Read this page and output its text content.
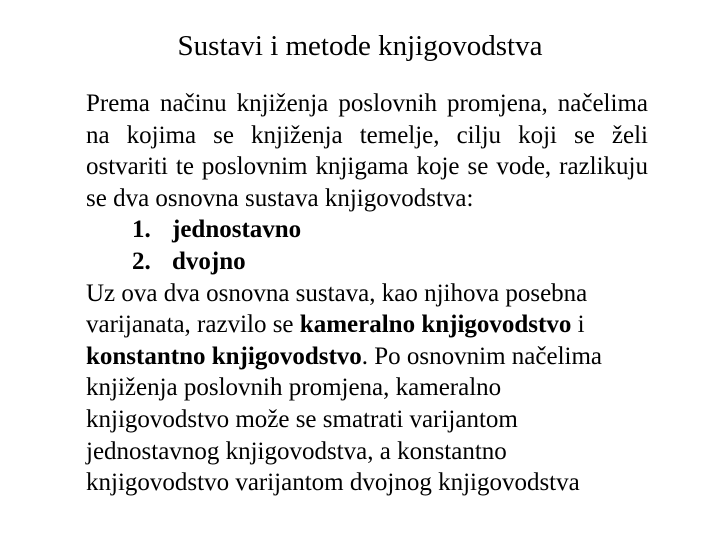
Sustavi i metode knjigovodstva

Prema načinu knjiženja poslovnih promjena, načelima na kojima se knjiženja temelje, cilju koji se želi ostvariti te poslovnim knjigama koje se vode, razlikuju se dva osnovna sustava knjigovodstva:

1. jednostavno
2. dvojno

Uz ova dva osnovna sustava, kao njihova posebna varijanata, razvilo se kameralno knjigovodstvo i konstantno knjigovodstvo. Po osnovnim načelima knjiženja poslovnih promjena, kameralno knjigovodstvo može se smatrati varijantom jednostavnog knjigovodstva, a konstantno knjigovodstvo varijantom dvojnog knjigovodstva
